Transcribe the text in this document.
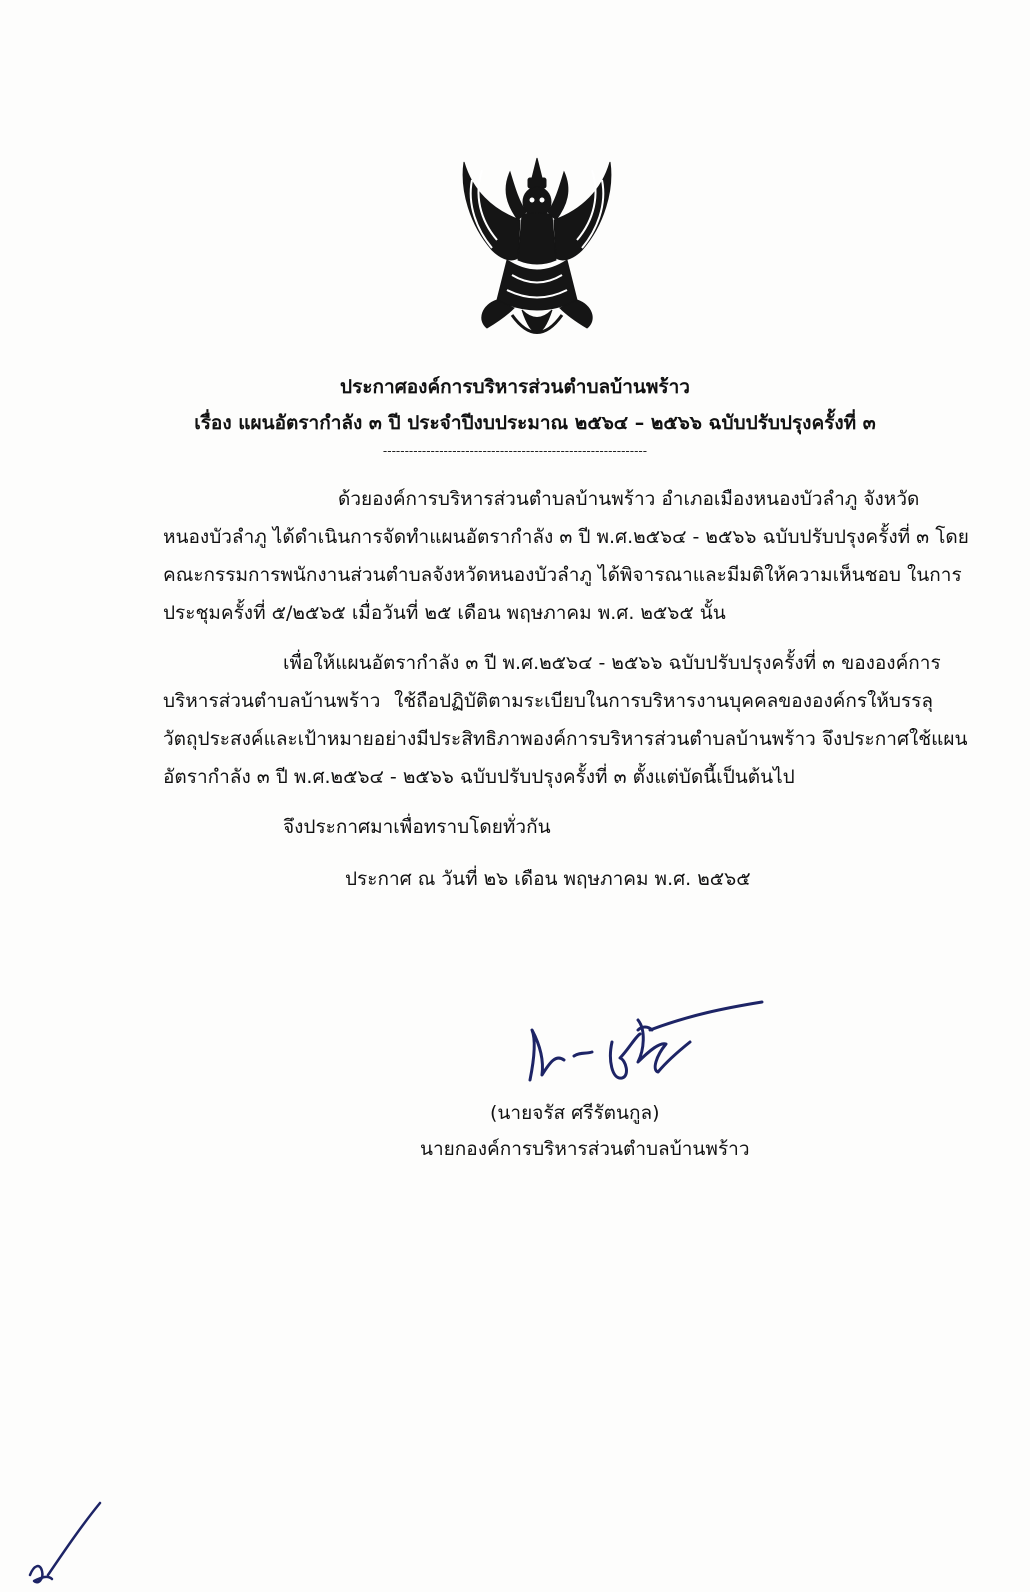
ประกาศองค์การบริหารส่วนตำบลบ้านพร้าว
เรื่อง แผนอัตรากำลัง ๓ ปี ประจำปีงบประมาณ ๒๕๖๔ – ๒๕๖๖ ฉบับปรับปรุงครั้งที่ ๓
-------------------------------------------------------------
ด้วยองค์การบริหารส่วนตำบลบ้านพร้าว อำเภอเมืองหนองบัวลำภู จังหวัด
หนองบัวลำภู ได้ดำเนินการจัดทำแผนอัตรากำลัง ๓ ปี พ.ศ.๒๕๖๔ - ๒๕๖๖ ฉบับปรับปรุงครั้งที่ ๓ โดย
คณะกรรมการพนักงานส่วนตำบลจังหวัดหนองบัวลำภู ได้พิจารณาและมีมติให้ความเห็นชอบ ในการ
ประชุมครั้งที่ ๕/๒๕๖๕ เมื่อวันที่ ๒๕ เดือน พฤษภาคม พ.ศ. ๒๕๖๕ นั้น
เพื่อให้แผนอัตรากำลัง ๓ ปี พ.ศ.๒๕๖๔ - ๒๕๖๖ ฉบับปรับปรุงครั้งที่ ๓ ขององค์การ
บริหารส่วนตำบลบ้านพร้าว ใช้ถือปฏิบัติตามระเบียบในการบริหารงานบุคคลขององค์กรให้บรรลุ
วัตถุประสงค์และเป้าหมายอย่างมีประสิทธิภาพองค์การบริหารส่วนตำบลบ้านพร้าว จึงประกาศใช้แผน
อัตรากำลัง ๓ ปี พ.ศ.๒๕๖๔ - ๒๕๖๖ ฉบับปรับปรุงครั้งที่ ๓ ตั้งแต่บัดนี้เป็นต้นไป
จึงประกาศมาเพื่อทราบโดยทั่วกัน
ประกาศ ณ วันที่ ๒๖ เดือน พฤษภาคม พ.ศ. ๒๕๖๕
(นายจรัส ศรีรัตนกูล)
นายกองค์การบริหารส่วนตำบลบ้านพร้าว
